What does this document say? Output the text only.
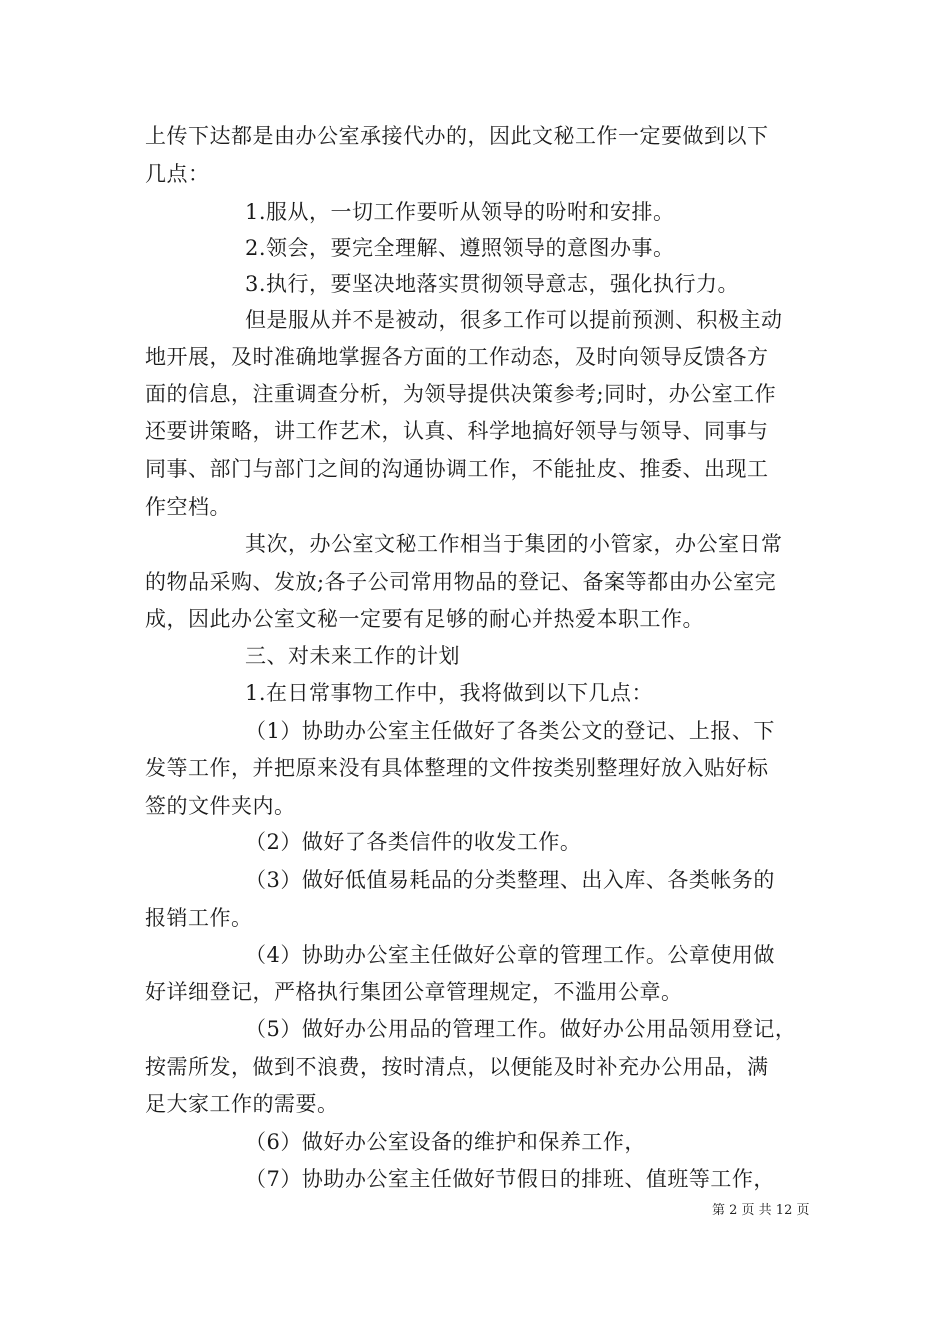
上传下达都是由办公室承接代办的，因此文秘工作一定要做到以下
几点：
1.服从，一切工作要听从领导的吩咐和安排。
2.领会，要完全理解、遵照领导的意图办事。
3.执行，要坚决地落实贯彻领导意志，强化执行力。
但是服从并不是被动，很多工作可以提前预测、积极主动
地开展，及时准确地掌握各方面的工作动态，及时向领导反馈各方
面的信息，注重调查分析，为领导提供决策参考;同时，办公室工作
还要讲策略，讲工作艺术，认真、科学地搞好领导与领导、同事与
同事、部门与部门之间的沟通协调工作，不能扯皮、推委、出现工
作空档。
其次，办公室文秘工作相当于集团的小管家，办公室日常
的物品采购、发放;各子公司常用物品的登记、备案等都由办公室完
成，因此办公室文秘一定要有足够的耐心并热爱本职工作。
三、对未来工作的计划
1.在日常事物工作中，我将做到以下几点：
（1）协助办公室主任做好了各类公文的登记、上报、下
发等工作，并把原来没有具体整理的文件按类别整理好放入贴好标
签的文件夹内。
（2）做好了各类信件的收发工作。
（3）做好低值易耗品的分类整理、出入库、各类帐务的
报销工作。
（4）协助办公室主任做好公章的管理工作。公章使用做
好详细登记，严格执行集团公章管理规定，不滥用公章。
（5）做好办公用品的管理工作。做好办公用品领用登记，
按需所发，做到不浪费，按时清点，以便能及时补充办公用品，满
足大家工作的需要。
（6）做好办公室设备的维护和保养工作，
（7）协助办公室主任做好节假日的排班、值班等工作，
第 2 页 共 12 页
